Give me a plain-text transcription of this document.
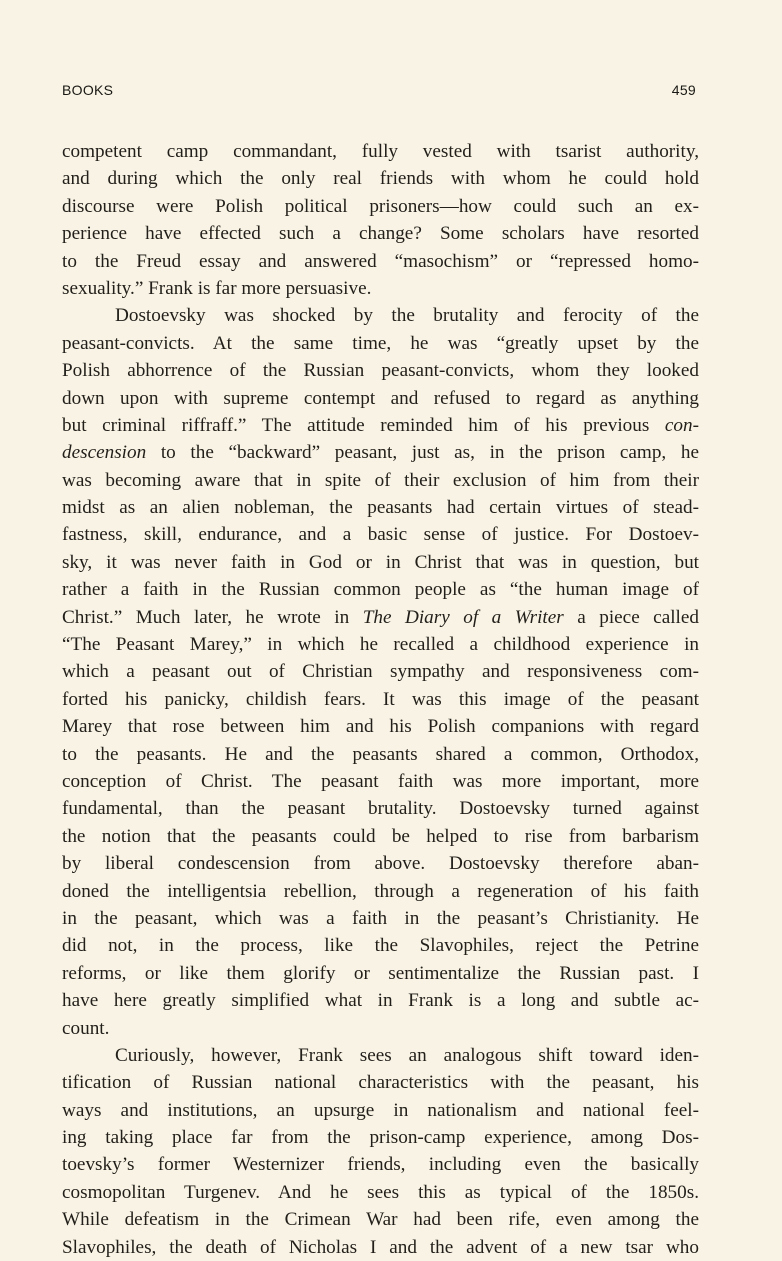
BOOKS	459
competent camp commandant, fully vested with tsarist authority,
and during which the only real friends with whom he could hold
discourse were Polish political prisoners—how could such an ex-
perience have effected such a change? Some scholars have resorted
to the Freud essay and answered “masochism” or “repressed homo-
sexuality.” Frank is far more persuasive.
Dostoevsky was shocked by the brutality and ferocity of the
peasant-convicts. At the same time, he was “greatly upset by the
Polish abhorrence of the Russian peasant-convicts, whom they looked
down upon with supreme contempt and refused to regard as anything
but criminal riffraff.” The attitude reminded him of his previous con-
descension to the “backward” peasant, just as, in the prison camp, he
was becoming aware that in spite of their exclusion of him from their
midst as an alien nobleman, the peasants had certain virtues of stead-
fastness, skill, endurance, and a basic sense of justice. For Dostoev-
sky, it was never faith in God or in Christ that was in question, but
rather a faith in the Russian common people as “the human image of
Christ.” Much later, he wrote in The Diary of a Writer a piece called
“The Peasant Marey,” in which he recalled a childhood experience in
which a peasant out of Christian sympathy and responsiveness com-
forted his panicky, childish fears. It was this image of the peasant
Marey that rose between him and his Polish companions with regard
to the peasants. He and the peasants shared a common, Orthodox,
conception of Christ. The peasant faith was more important, more
fundamental, than the peasant brutality. Dostoevsky turned against
the notion that the peasants could be helped to rise from barbarism
by liberal condescension from above. Dostoevsky therefore aban-
doned the intelligentsia rebellion, through a regeneration of his faith
in the peasant, which was a faith in the peasant’s Christianity. He
did not, in the process, like the Slavophiles, reject the Petrine
reforms, or like them glorify or sentimentalize the Russian past. I
have here greatly simplified what in Frank is a long and subtle ac-
count.
Curiously, however, Frank sees an analogous shift toward iden-
tification of Russian national characteristics with the peasant, his
ways and institutions, an upsurge in nationalism and national feel-
ing taking place far from the prison-camp experience, among Dos-
toevsky’s former Westernizer friends, including even the basically
cosmopolitan Turgenev. And he sees this as typical of the 1850s.
While defeatism in the Crimean War had been rife, even among the
Slavophiles, the death of Nicholas I and the advent of a new tsar who
